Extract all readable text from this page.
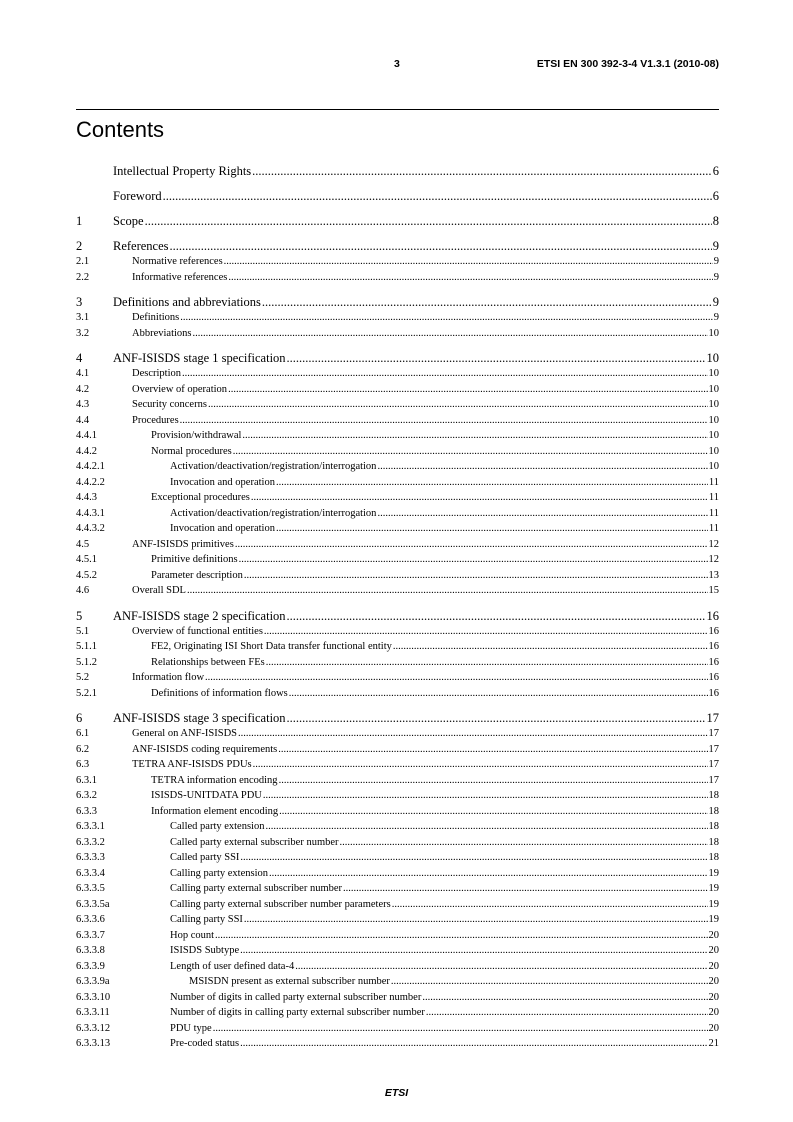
3	ETSI EN 300 392-3-4 V1.3.1 (2010-08)
Contents
Intellectual Property Rights .....	6
Foreword .....	6
1	Scope .....	8
2	References .....	9
2.1	Normative references .....	9
2.2	Informative references .....	9
3	Definitions and abbreviations .....	9
3.1	Definitions .....	9
3.2	Abbreviations .....	10
4	ANF-ISISDS stage 1 specification .....	10
4.1	Description .....	10
4.2	Overview of operation .....	10
4.3	Security concerns .....	10
4.4	Procedures .....	10
4.4.1	Provision/withdrawal .....	10
4.4.2	Normal procedures .....	10
4.4.2.1	Activation/deactivation/registration/interrogation .....	10
4.4.2.2	Invocation and operation .....	11
4.4.3	Exceptional procedures .....	11
4.4.3.1	Activation/deactivation/registration/interrogation .....	11
4.4.3.2	Invocation and operation .....	11
4.5	ANF-ISISDS primitives .....	12
4.5.1	Primitive definitions .....	12
4.5.2	Parameter description .....	13
4.6	Overall SDL .....	15
5	ANF-ISISDS stage 2 specification .....	16
5.1	Overview of functional entities .....	16
5.1.1	FE2, Originating ISI Short Data transfer functional entity .....	16
5.1.2	Relationships between FEs .....	16
5.2	Information flow .....	16
5.2.1	Definitions of information flows .....	16
6	ANF-ISISDS stage 3 specification .....	17
6.1	General on ANF-ISISDS .....	17
6.2	ANF-ISISDS coding requirements .....	17
6.3	TETRA ANF-ISISDS PDUs .....	17
6.3.1	TETRA information encoding .....	17
6.3.2	ISISDS-UNITDATA PDU .....	18
6.3.3	Information element encoding .....	18
6.3.3.1	Called party extension .....	18
6.3.3.2	Called party external subscriber number .....	18
6.3.3.3	Called party SSI .....	18
6.3.3.4	Calling party extension .....	19
6.3.3.5	Calling party external subscriber number .....	19
6.3.3.5a	Calling party external subscriber number parameters .....	19
6.3.3.6	Calling party SSI .....	19
6.3.3.7	Hop count .....	20
6.3.3.8	ISISDS Subtype .....	20
6.3.3.9	Length of user defined data-4 .....	20
6.3.3.9a	MSISDN present as external subscriber number .....	20
6.3.3.10	Number of digits in called party external subscriber number .....	20
6.3.3.11	Number of digits in calling party external subscriber number .....	20
6.3.3.12	PDU type .....	20
6.3.3.13	Pre-coded status .....	21
ETSI
